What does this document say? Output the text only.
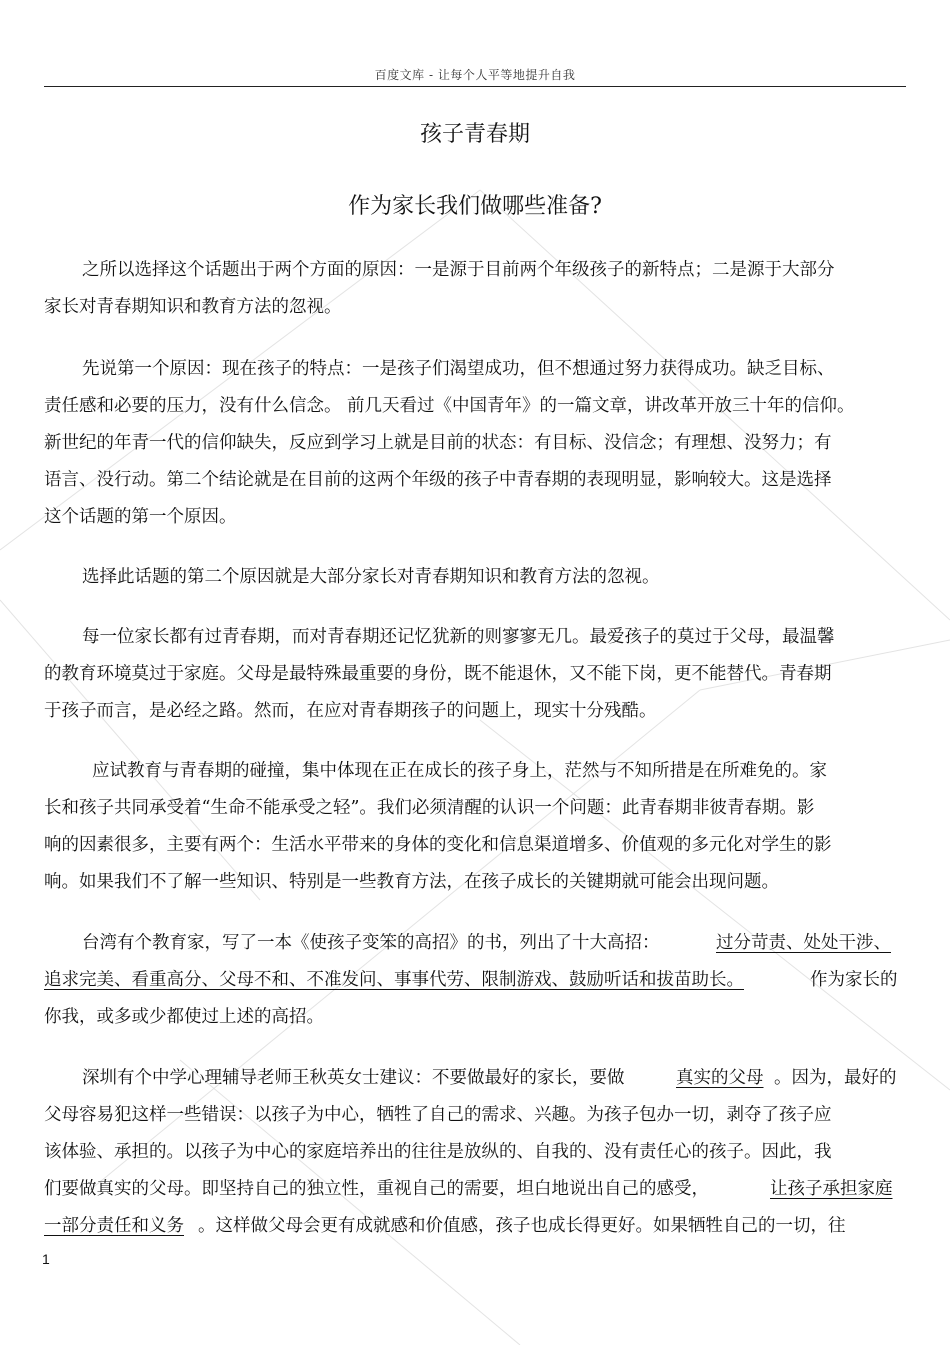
百度文库 - 让每个人平等地提升自我
孩子青春期
作为家长我们做哪些准备?
之所以选择这个话题出于两个方面的原因：一是源于目前两个年级孩子的新特点；二是源于大部分
家长对青春期知识和教育方法的忽视。
先说第一个原因：现在孩子的特点：一是孩子们渴望成功，但不想通过努力获得成功。缺乏目标、
责任感和必要的压力，没有什么信念。 前几天看过《中国青年》的一篇文章，讲改革开放三十年的信仰。
新世纪的年青一代的信仰缺失，反应到学习上就是目前的状态：有目标、没信念；有理想、没努力；有
语言、没行动。第二个结论就是在目前的这两个年级的孩子中青春期的表现明显，影响较大。这是选择
这个话题的第一个原因。
选择此话题的第二个原因就是大部分家长对青春期知识和教育方法的忽视。
每一位家长都有过青春期，而对青春期还记忆犹新的则寥寥无几。最爱孩子的莫过于父母，最温馨
的教育环境莫过于家庭。父母是最特殊最重要的身份，既不能退休，又不能下岗，更不能替代。青春期
于孩子而言，是必经之路。然而，在应对青春期孩子的问题上，现实十分残酷。
应试教育与青春期的碰撞，集中体现在正在成长的孩子身上，茫然与不知所措是在所难免的。家
长和孩子共同承受着“生命不能承受之轻”。我们必须清醒的认识一个问题：此青春期非彼青春期。影
响的因素很多，主要有两个：生活水平带来的身体的变化和信息渠道增多、价值观的多元化对学生的影
响。如果我们不了解一些知识、特别是一些教育方法，在孩子成长的关键期就可能会出现问题。
台湾有个教育家，写了一本《使孩子变笨的高招》的书，列出了十大高招：	过分苛责、处处干涉、
追求完美、看重高分、父母不和、不准发问、事事代劳、限制游戏、鼓励听话和拔苗助长。	作为家长的
你我，或多或少都使过上述的高招。
深圳有个中学心理辅导老师王秋英女士建议：不要做最好的家长，要做	真实的父母 。因为，最好的
父母容易犯这样一些错误：以孩子为中心，牺牲了自己的需求、兴趣。为孩子包办一切，剥夺了孩子应
该体验、承担的。以孩子为中心的家庭培养出的往往是放纵的、自我的、没有责任心的孩子。因此，我
们要做真实的父母。即坚持自己的独立性，重视自己的需要，坦白地说出自己的感受，	让孩子承担家庭
一部分责任和义务 。这样做父母会更有成就感和价值感，孩子也成长得更好。如果牺牲自己的一切，往
1
